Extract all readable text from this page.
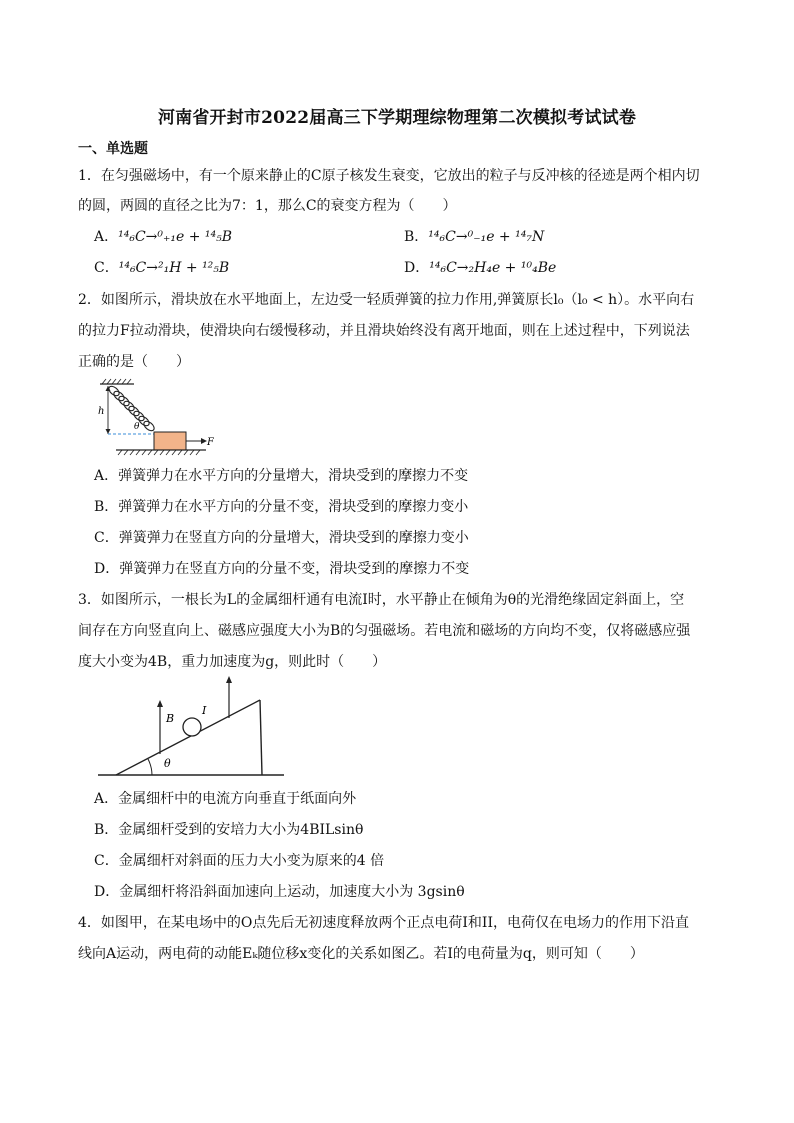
河南省开封市2022届高三下学期理综物理第二次模拟考试试卷
一、单选题
1．在匀强磁场中，有一个原来静止的C原子核发生衰变，它放出的粒子与反冲核的径迹是两个相内切
的圆，两圆的直径之比为7：1，那么C的衰变方程为（　　）
A．¹⁴₆C→⁰₊₁e + ¹⁴₅B	B．¹⁴₆C→⁰₋₁e + ¹⁴₇N
C．¹⁴₆C→²₁H + ¹²₅B	D．¹⁴₆C→₂H₄e + ¹⁰₄Be
2．如图所示，滑块放在水平地面上，左边受一轻质弹簧的拉力作用,弹簧原长l₀（l₀ < h）。水平向右
的拉力F拉动滑块，使滑块向右缓慢移动，并且滑块始终没有离开地面，则在上述过程中，下列说法
正确的是（　　）
h
θ
F
A．弹簧弹力在水平方向的分量增大，滑块受到的摩擦力不变
B．弹簧弹力在水平方向的分量不变，滑块受到的摩擦力变小
C．弹簧弹力在竖直方向的分量增大，滑块受到的摩擦力变小
D．弹簧弹力在竖直方向的分量不变，滑块受到的摩擦力不变
3．如图所示，一根长为L的金属细杆通有电流I时，水平静止在倾角为θ的光滑绝缘固定斜面上，空
间存在方向竖直向上、磁感应强度大小为B的匀强磁场。若电流和磁场的方向均不变，仅将磁感应强
度大小变为4B，重力加速度为g，则此时（　　）
θ
B
I
A．金属细杆中的电流方向垂直于纸面向外
B．金属细杆受到的安培力大小为4BILsinθ
C．金属细杆对斜面的压力大小变为原来的4 倍
D．金属细杆将沿斜面加速向上运动，加速度大小为 3gsinθ
4．如图甲，在某电场中的O点先后无初速度释放两个正点电荷I和II，电荷仅在电场力的作用下沿直
线向A运动，两电荷的动能Eₖ随位移x变化的关系如图乙。若I的电荷量为q，则可知（　　）
